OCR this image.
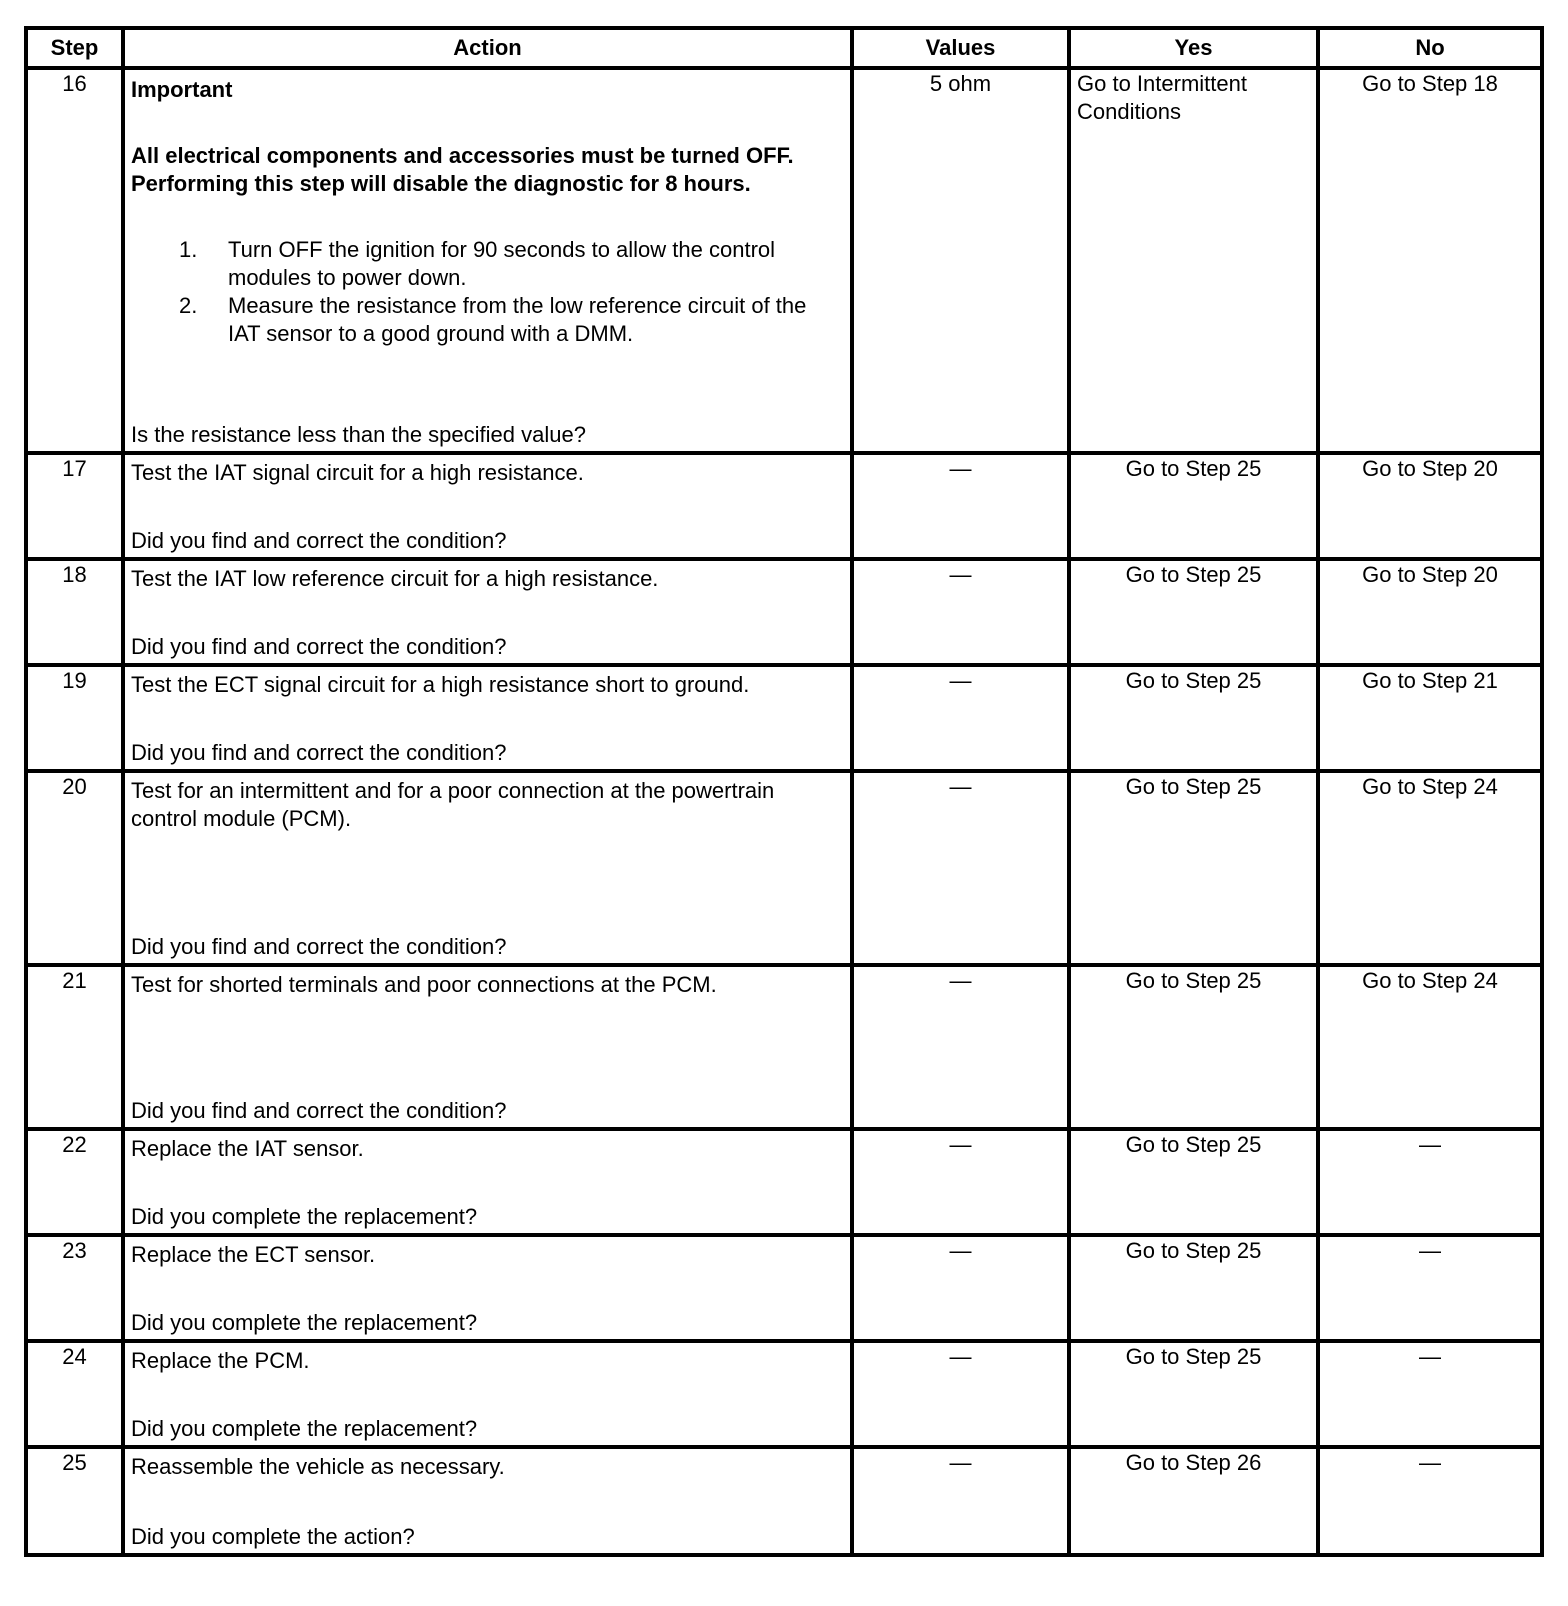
Step	Action	Values	Yes	No
16	Important
All electrical components and accessories must be turned OFF. Performing this step will disable the diagnostic for 8 hours.
1. Turn OFF the ignition for 90 seconds to allow the control modules to power down.
2. Measure the resistance from the low reference circuit of the IAT sensor to a good ground with a DMM.
Is the resistance less than the specified value?
	5 ohm	Go to Intermittent Conditions	Go to Step 18
17	Test the IAT signal circuit for a high resistance.
Did you find and correct the condition?	—	Go to Step 25	Go to Step 20
18	Test the IAT low reference circuit for a high resistance.
Did you find and correct the condition?	—	Go to Step 25	Go to Step 20
19	Test the ECT signal circuit for a high resistance short to ground.
Did you find and correct the condition?	—	Go to Step 25	Go to Step 21
20	Test for an intermittent and for a poor connection at the powertrain control module (PCM).
Did you find and correct the condition?	—	Go to Step 25	Go to Step 24
21	Test for shorted terminals and poor connections at the PCM.
Did you find and correct the condition?	—	Go to Step 25	Go to Step 24
22	Replace the IAT sensor.
Did you complete the replacement?	—	Go to Step 25	—
23	Replace the ECT sensor.
Did you complete the replacement?	—	Go to Step 25	—
24	Replace the PCM.
Did you complete the replacement?	—	Go to Step 25	—
25	Reassemble the vehicle as necessary.
Did you complete the action?	—	Go to Step 26	—
